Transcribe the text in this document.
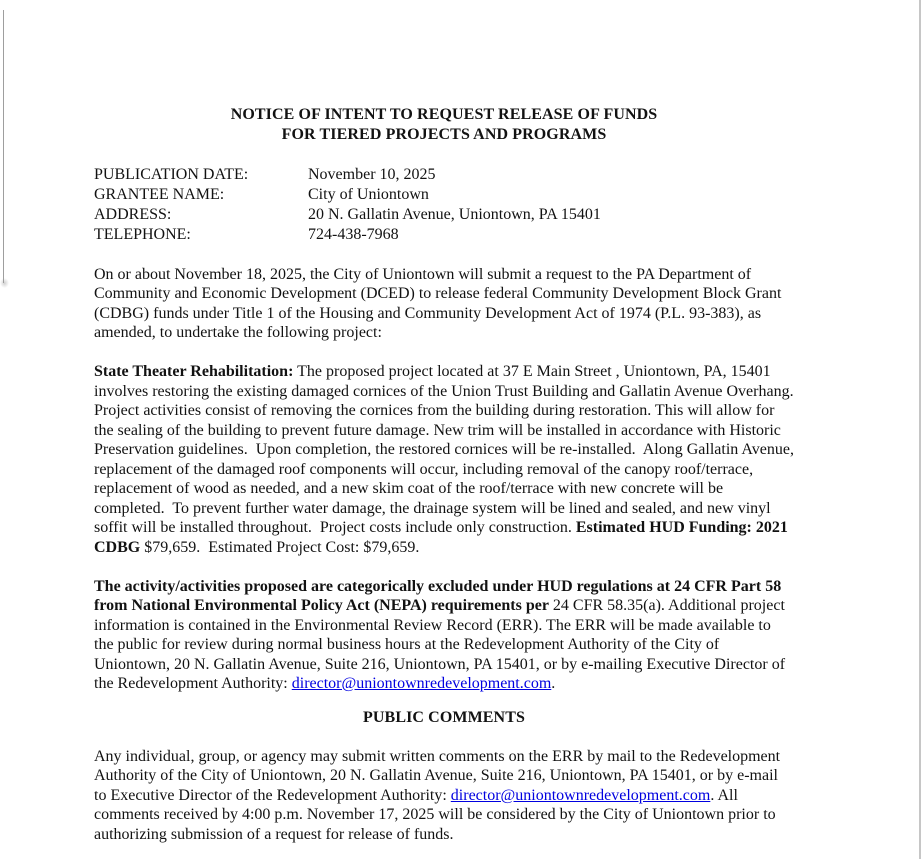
NOTICE OF INTENT TO REQUEST RELEASE OF FUNDS
FOR TIERED PROJECTS AND PROGRAMS
PUBLICATION DATE:	November 10, 2025
GRANTEE NAME:	City of Uniontown
ADDRESS:	20 N. Gallatin Avenue, Uniontown, PA 15401
TELEPHONE:	724-438-7968

On or about November 18, 2025, the City of Uniontown will submit a request to the PA Department of Community and Economic Development (DCED) to release federal Community Development Block Grant (CDBG) funds under Title 1 of the Housing and Community Development Act of 1974 (P.L. 93-383), as amended, to undertake the following project:

State Theater Rehabilitation: The proposed project located at 37 E Main Street , Uniontown, PA, 15401 involves restoring the existing damaged cornices of the Union Trust Building and Gallatin Avenue Overhang. Project activities consist of removing the cornices from the building during restoration. This will allow for the sealing of the building to prevent future damage. New trim will be installed in accordance with Historic Preservation guidelines.  Upon completion, the restored cornices will be re-installed.  Along Gallatin Avenue, replacement of the damaged roof components will occur, including removal of the canopy roof/terrace, replacement of wood as needed, and a new skim coat of the roof/terrace with new concrete will be completed.  To prevent further water damage, the drainage system will be lined and sealed, and new vinyl soffit will be installed throughout.  Project costs include only construction. Estimated HUD Funding: 2021 CDBG $79,659.  Estimated Project Cost: $79,659.

The activity/activities proposed are categorically excluded under HUD regulations at 24 CFR Part 58 from National Environmental Policy Act (NEPA) requirements per 24 CFR 58.35(a). Additional project information is contained in the Environmental Review Record (ERR). The ERR will be made available to the public for review during normal business hours at the Redevelopment Authority of the City of Uniontown, 20 N. Gallatin Avenue, Suite 216, Uniontown, PA 15401, or by e-mailing Executive Director of the Redevelopment Authority: director@uniontownredevelopment.com.

PUBLIC COMMENTS

Any individual, group, or agency may submit written comments on the ERR by mail to the Redevelopment Authority of the City of Uniontown, 20 N. Gallatin Avenue, Suite 216, Uniontown, PA 15401, or by e-mail to Executive Director of the Redevelopment Authority: director@uniontownredevelopment.com. All comments received by 4:00 p.m. November 17, 2025 will be considered by the City of Uniontown prior to authorizing submission of a request for release of funds.
